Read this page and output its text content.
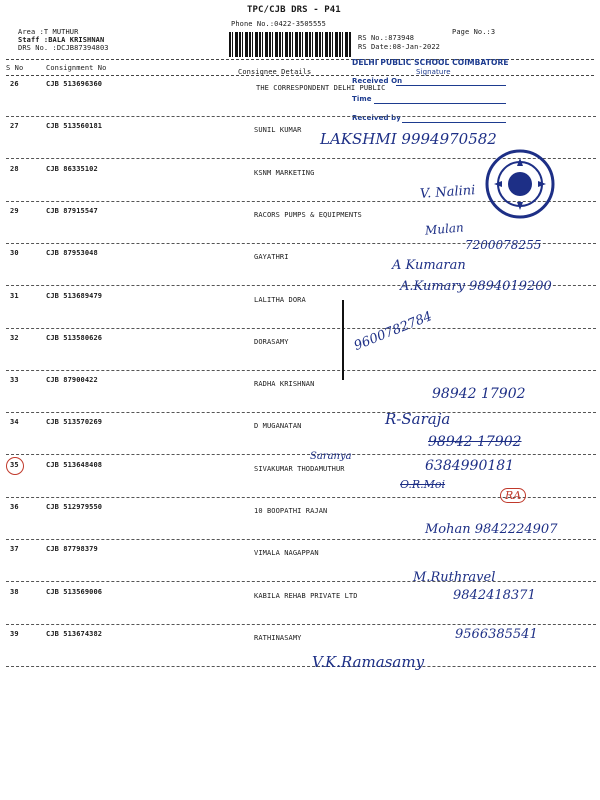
TPC/CJB DRS - P41
Phone No.:0422-3505555
Area :T MUTHUR
Staff :BALA KRISHNAN
DRS No. :DCJB87394803
RS No.:873948
Page No.:3
RS Date:08-Jan-2022
S No	Consignment No	Consignee Details
DELHI PUBLIC SCHOOL COIMBATORE
Signature
Received On
Time
Received by
26	CJB 513696360	THE CORRESPONDENT DELHI PUBLIC
27	CJB 513560181	SUNIL KUMAR
28	CJB 86335102	KSNM MARKETING
29	CJB 87915547	RACORS PUMPS & EQUIPMENTS
30	CJB 87953048	GAYATHRI
31	CJB 513689479	LALITHA DORA
32	CJB 513580626	DORASAMY
33	CJB 87900422	RADHA KRISHNAN
34	CJB 513570269	D MUGANATAN
35	CJB 513648408	SIVAKUMAR THODAMUTHUR
36	CJB 512979550	10 BOOPATHI RAJAN
37	CJB 87798379	VIMALA NAGAPPAN
38	CJB 513569006	KABILA REHAB PRIVATE LTD
39	CJB 513674382	RATHINASAMY
LAKSHMI 9994970582
V. Nalini
Mulan
7200078255
A Kumaran
A.Kumary 9894019200
9600782784
98942 17902
R-Saraja
98942 17902
Saranya
6384990181
O.R.Moi
RA
Mohan 9842224907
M.Ruthravel
9842418371
9566385541
V.K.Ramasamy
